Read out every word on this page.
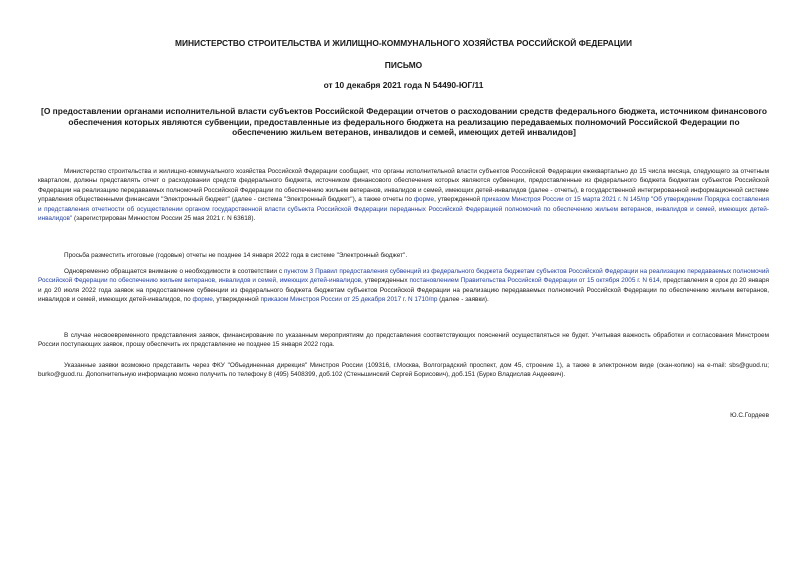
МИНИСТЕРСТВО СТРОИТЕЛЬСТВА И ЖИЛИЩНО-КОММУНАЛЬНОГО ХОЗЯЙСТВА РОССИЙСКОЙ ФЕДЕРАЦИИ
ПИСЬМО
от 10 декабря 2021 года N 54490-ЮГ/11
[О предоставлении органами исполнительной власти субъектов Российской Федерации отчетов о расходовании средств федерального бюджета, источником финансового обеспечения которых являются субвенции, предоставленные из федерального бюджета на реализацию передаваемых полномочий Российской Федерации по обеспечению жильем ветеранов, инвалидов и семей, имеющих детей инвалидов]

Министерство строительства и жилищно-коммунального хозяйства Российской Федерации сообщает, что органы исполнительной власти субъектов Российской Федерации ежеквартально до 15 числа месяца, следующего за отчетным кварталом, должны представлять отчет о расходовании средств федерального бюджета, источником финансового обеспечения которых являются субвенции, предоставленные из федерального бюджета бюджетам субъектов Российской Федерации на реализацию передаваемых полномочий Российской Федерации по обеспечению жильем ветеранов, инвалидов и семей, имеющих детей-инвалидов (далее - отчеты), в государственной интегрированной информационной системе управления общественными финансами "Электронный бюджет" (далее - система "Электронный бюджет"), а также отчеты по форме, утвержденной приказом Минстроя России от 15 марта 2021 г. N 145/пр "Об утверждении Порядка составления и представления отчетности об осуществлении органом государственной власти субъекта Российской Федерации переданных Российской Федерацией полномочий по обеспечению жильем ветеранов, инвалидов и семей, имеющих детей-инвалидов" (зарегистрирован Минюстом России 25 мая 2021 г. N 63618).

Просьба разместить итоговые (годовые) отчеты не позднее 14 января 2022 года в системе "Электронный бюджет".

Одновременно обращается внимание о необходимости в соответствии с пунктом 3 Правил предоставления субвенций из федерального бюджета бюджетам субъектов Российской Федерации на реализацию передаваемых полномочий Российской Федерации по обеспечению жильем ветеранов, инвалидов и семей, имеющих детей-инвалидов, утвержденных постановлением Правительства Российской Федерации от 15 октября 2005 г. N 614, представления в срок до 20 января и до 20 июля 2022 года заявок на предоставление субвенции из федерального бюджета бюджетам субъектов Российской Федерации на реализацию передаваемых полномочий Российской Федерации по обеспечению жильем ветеранов, инвалидов и семей, имеющих детей-инвалидов, по форме, утвержденной приказом Минстроя России от 25 декабря 2017 г. N 1710/пр (далее - заявки).

В случае несвоевременного представления заявок, финансирование по указанным мероприятиям до представления соответствующих пояснений осуществляться не будет. Учитывая важность обработки и согласования Минстроем России поступающих заявок, прошу обеспечить их представление не позднее 15 января 2022 года.

Указанные заявки возможно представить через ФКУ "Объединенная дирекция" Минстроя России (109316, г.Москва, Волгоградский проспект, дом 45, строение 1), а также в электронном виде (скан-копию) на e-mail: sbs@guod.ru; burko@guod.ru. Дополнительную информацию можно получить по телефону 8 (495) 5408399, доб.102 (Стеньшинский Сергей Борисович), доб.151 (Бурко Владислав Андеевич).

Ю.С.Гордеев
